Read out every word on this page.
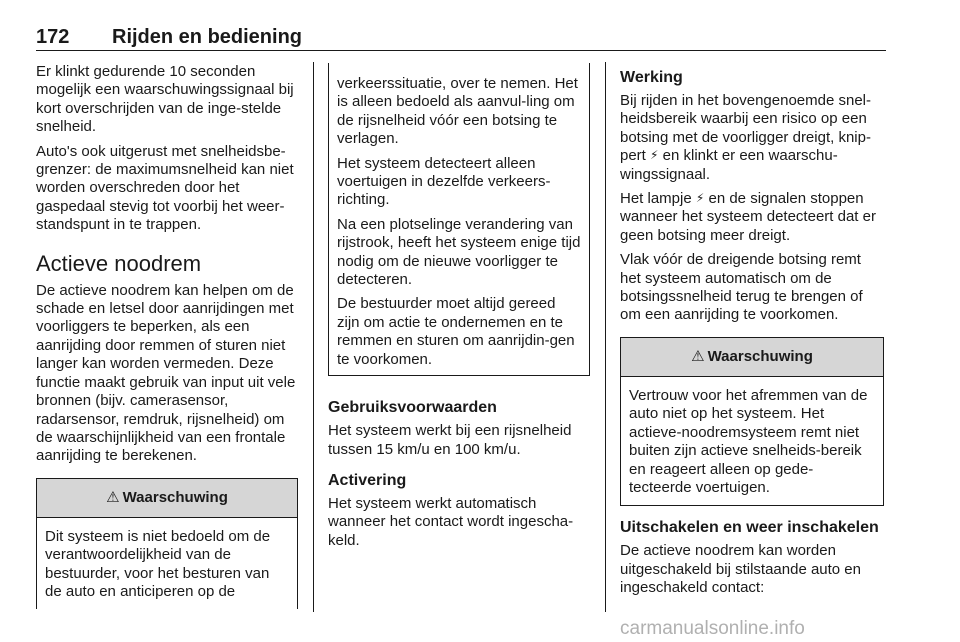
172 Rijden en bediening

Er klinkt gedurende 10 seconden mogelijk een waarschuwingssignaal bij kort overschrijden van de inge-stelde snelheid.

Auto's ook uitgerust met snelheidsbe-grenzer: de maximumsnelheid kan niet worden overschreden door het gaspedaal stevig tot voorbij het weer-standspunt in te trappen.

Actieve noodrem

De actieve noodrem kan helpen om de schade en letsel door aanrijdingen met voorliggers te beperken, als een aanrijding door remmen of sturen niet langer kan worden vermeden. Deze functie maakt gebruik van input uit vele bronnen (bijv. camerasensor, radarsensor, remdruk, rijsnelheid) om de waarschijnlijkheid van een frontale aanrijding te berekenen.

⚠ Waarschuwing
Dit systeem is niet bedoeld om de verantwoordelijkheid van de bestuurder, voor het besturen van de auto en anticiperen op de

verkeerssituatie, over te nemen. Het is alleen bedoeld als aanvul-ling om de rijsnelheid vóór een botsing te verlagen.

Het systeem detecteert alleen voertuigen in dezelfde verkeers-richting.

Na een plotselinge verandering van rijstrook, heeft het systeem enige tijd nodig om de nieuwe voorligger te detecteren.

De bestuurder moet altijd gereed zijn om actie te ondernemen en te remmen en sturen om aanrijdin-gen te voorkomen.

Gebruiksvoorwaarden

Het systeem werkt bij een rijsnelheid tussen 15 km/u en 100 km/u.

Activering

Het systeem werkt automatisch wanneer het contact wordt ingescha-keld.

Werking

Bij rijden in het bovengenoemde snel-heidsbereik waarbij een risico op een botsing met de voorligger dreigt, knip-pert ⚡ en klinkt er een waarschu-wingssignaal.

Het lampje ⚡ en de signalen stoppen wanneer het systeem detecteert dat er geen botsing meer dreigt.

Vlak vóór de dreigende botsing remt het systeem automatisch om de botsingssnelheid terug te brengen of om een aanrijding te voorkomen.

⚠ Waarschuwing
Vertrouw voor het afremmen van de auto niet op het systeem. Het actieve-noodremsysteem remt niet buiten zijn actieve snelheids-bereik en reageert alleen op gede-tecteerde voertuigen.
Uitschakelen en weer inschakelen

De actieve noodrem kan worden uitgeschakeld bij stilstaande auto en ingeschakeld contact:

carmanualsonline.info
